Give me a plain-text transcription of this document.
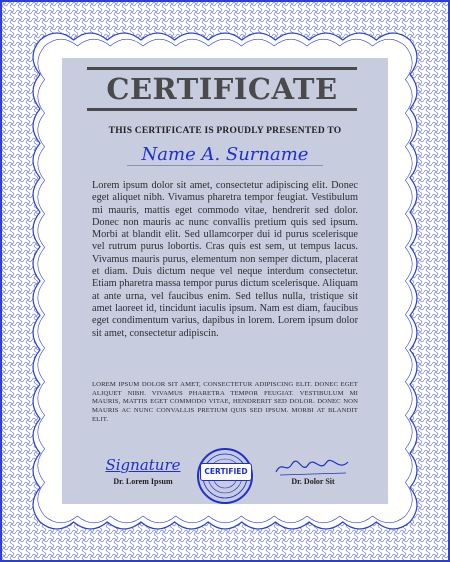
CERTIFICATE
THIS CERTIFICATE IS PROUDLY PRESENTED TO
Name A. Surname
Lorem ipsum dolor sit amet, consectetur adipiscing elit. Donec eget aliquet nibh. Vivamus pharetra tempor feugiat. Vestibulum mi mauris, mattis eget commodo vitae, hendrerit sed dolor. Donec non mauris ac nunc convallis pretium quis sed ipsum. Morbi at blandit elit. Sed ullamcorper dui id purus scelerisque vel rutrum purus lobortis. Cras quis est sem, ut tempus lacus. Vivamus mauris purus, elementum non semper dictum, placerat et diam. Duis dictum neque vel neque interdum consectetur. Etiam pharetra massa tempor purus dictum scelerisque. Aliquam at ante urna, vel faucibus enim. Sed tellus nulla, tristique sit amet laoreet id, tincidunt iaculis ipsum. Nam est diam, faucibus eget condimentum varius, dapibus in lorem. Lorem ipsum dolor sit amet, consectetur adipiscin.
LOREM IPSUM DOLOR SIT AMET, CONSECTETUR ADIPISCING ELIT. DONEC EGET ALIQUET NIBH. VIVAMUS PHARETRA TEMPOR FEUGIAT. VESTIBULUM MI MAURIS, MATTIS EGET COMMODO VITAE, HENDRERIT SED DOLOR. DONEC NON MAURIS AC NUNC CONVALLIS PRETIUM QUIS SED IPSUM. MORBI AT BLANDIT ELIT.
Signature
Dr. Lorem Ipsum
CERTIFIED
Dr. Dolor Sit
